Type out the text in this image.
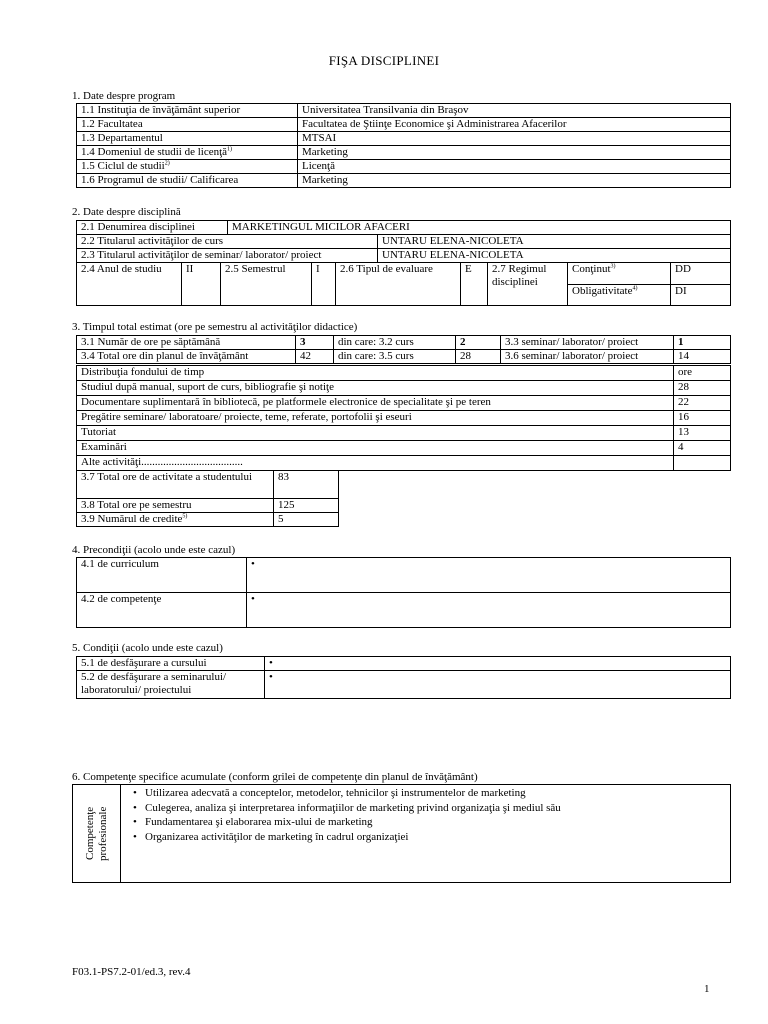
FIŞA DISCIPLINEI
1. Date despre program
1.1 Instituţia de învăţământ superior	Universitatea Transilvania din Braşov
1.2 Facultatea	Facultatea de Ştiinţe Economice şi Administrarea Afacerilor
1.3 Departamentul	MTSAI
1.4 Domeniul de studii de licenţă$^{1)}$	Marketing
1.5 Ciclul de studii$^{2)}$	Licenţă
1.6 Programul de studii/ Calificarea	Marketing
2. Date despre disciplină
2.1 Denumirea disciplinei	MARKETINGUL MICILOR AFACERI	
2.2 Titularul activităţilor de curs		UNTARU ELENA-NICOLETA
2.3 Titularul activităţilor de seminar/ laborator/ proiect		UNTARU ELENA-NICOLETA
2.4 Anul de studiu	II	2.5 Semestrul	I	2.6 Tipul de evaluare	E	2.7 Regimul disciplinei	Conţinut$^{3)}$	DD
							Obligativitate$^{4)}$	DI
3. Timpul total estimat (ore pe semestru al activităţilor didactice)
3.1 Număr de ore pe săptămână	3	din care: 3.2 curs	2	3.3 seminar/ laborator/ proiect	1
3.4 Total ore din planul de învăţământ	42	din care: 3.5 curs	28	3.6 seminar/ laborator/ proiect	14
Distribuţia fondului de timp	ore
Studiul după manual, suport de curs, bibliografie şi notiţe	28
Documentare suplimentară în bibliotecă, pe platformele electronice de specialitate şi pe teren	22
Pregătire seminare/ laboratoare/ proiecte, teme, referate, portofolii şi eseuri	16
Tutoriat	13
Examinări	4
Alte activităţi.....................................	
3.7 Total ore de activitate a studentului	83
3.8 Total ore pe semestru	125
3.9 Numărul de credite$^{5)}$	5
4. Precondiţii (acolo unde este cazul)
4.1 de curriculum	•
4.2 de competenţe	•
5. Condiţii (acolo unde este cazul)
5.1 de desfăşurare a cursului	•
5.2 de desfăşurare a seminarului/ laboratorului/ proiectului	•
6. Competenţe specifice acumulate (conform grilei de competenţe din planul de învăţământ)
Competenţe profesionale

• Utilizarea adecvată a conceptelor, metodelor, tehnicilor şi instrumentelor de marketing
• Culegerea, analiza şi interpretarea informaţiilor de marketing privind organizaţia şi mediul său
• Fundamentarea şi elaborarea mix-ului de marketing
• Organizarea activităţilor de marketing în cadrul organizaţiei
F03.1-PS7.2-01/ed.3, rev.4
1
